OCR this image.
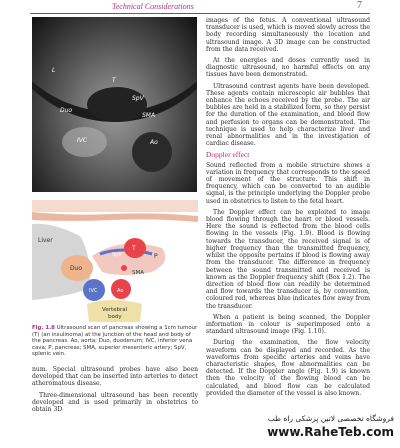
Technical Considerations	7
Ao
IVC
SMA
Duo
T
L
SpV
Liver
Duo
SpV
T
P
IVC	Ao
SMA
Vertebral
body
Fig. 1.8 Ultrasound scan of pancreas showing a 1cm tumour (T) (an insulinoma) at the junction of the head and body of the pancreas. Ao, aorta; Duo, duodenum; IVC, inferior vena cava; P, pancreas; SMA, superior mesenteric artery; SpV, splenic vein.

num. Special ultrasound probes have also been developed that can be inserted into arteries to detect atheromatous disease.

Three-dimensional ultrasound has been recently developed and is used primarily in obstetrics to obtain 3D

images of the fetus. A conventional ultrasound transducer is used, which is moved slowly across the body recording simultaneously the location and ultrasound image. A 3D image can be constructed from the data received.

At the energies and doses currently used in diagnostic ultrasound, no harmful effects on any tissues have been demonstrated.

Ultrasound contrast agents have been developed. These agents contain microscopic air bubbles that enhance the echoes received by the probe. The air bubbles are held in a stabilized form, so they persist for the duration of the examination, and blood flow and perfusion to organs can be demonstrated. The technique is used to help characterize liver and renal abnormalities and in the investigation of cardiac disease.

Doppler effect

Sound reflected from a mobile structure shows a variation in frequency that corresponds to the speed of movement of the structure. This shift in frequency, which can be converted to an audible signal, is the principle underlying the Doppler probe used in obstetrics to listen to the fetal heart.

The Doppler effect can be exploited to image blood flowing through the heart or blood vessels. Here the sound is reflected from the blood cells flowing in the vessels (Fig. 1.9). Blood is flowing towards the transducer, the received signal is of higher frequency than the transmitted frequency, whilst the opposite pertains if blood is flowing away from the transducer. The difference in frequency between the sound transmitted and received is known as the Doppler frequency shift (Box 1.2). The direction of blood flow can readily be determined and flow towards the transducer is, by convention, coloured red, whereas blue indicates flow away from the transducer.

When a patient is being scanned, the Doppler information in colour is superimposed onto a standard ultrasound image (Fig. 1.10).

During the examination, the flow velocity waveform can be displayed and recorded. As the waveforms from specific arteries and veins have characteristic shapes, flow abnormalities can be detected. If the Doppler angle (Fig. 1.9) is known then the velocity of the flowing blood can be calculated, and blood flow can be calculated provided the diameter of the vessel is also known.

فروشگاه تخصصی لاتین پزشکی راه طب
www.RaheTeb.com
